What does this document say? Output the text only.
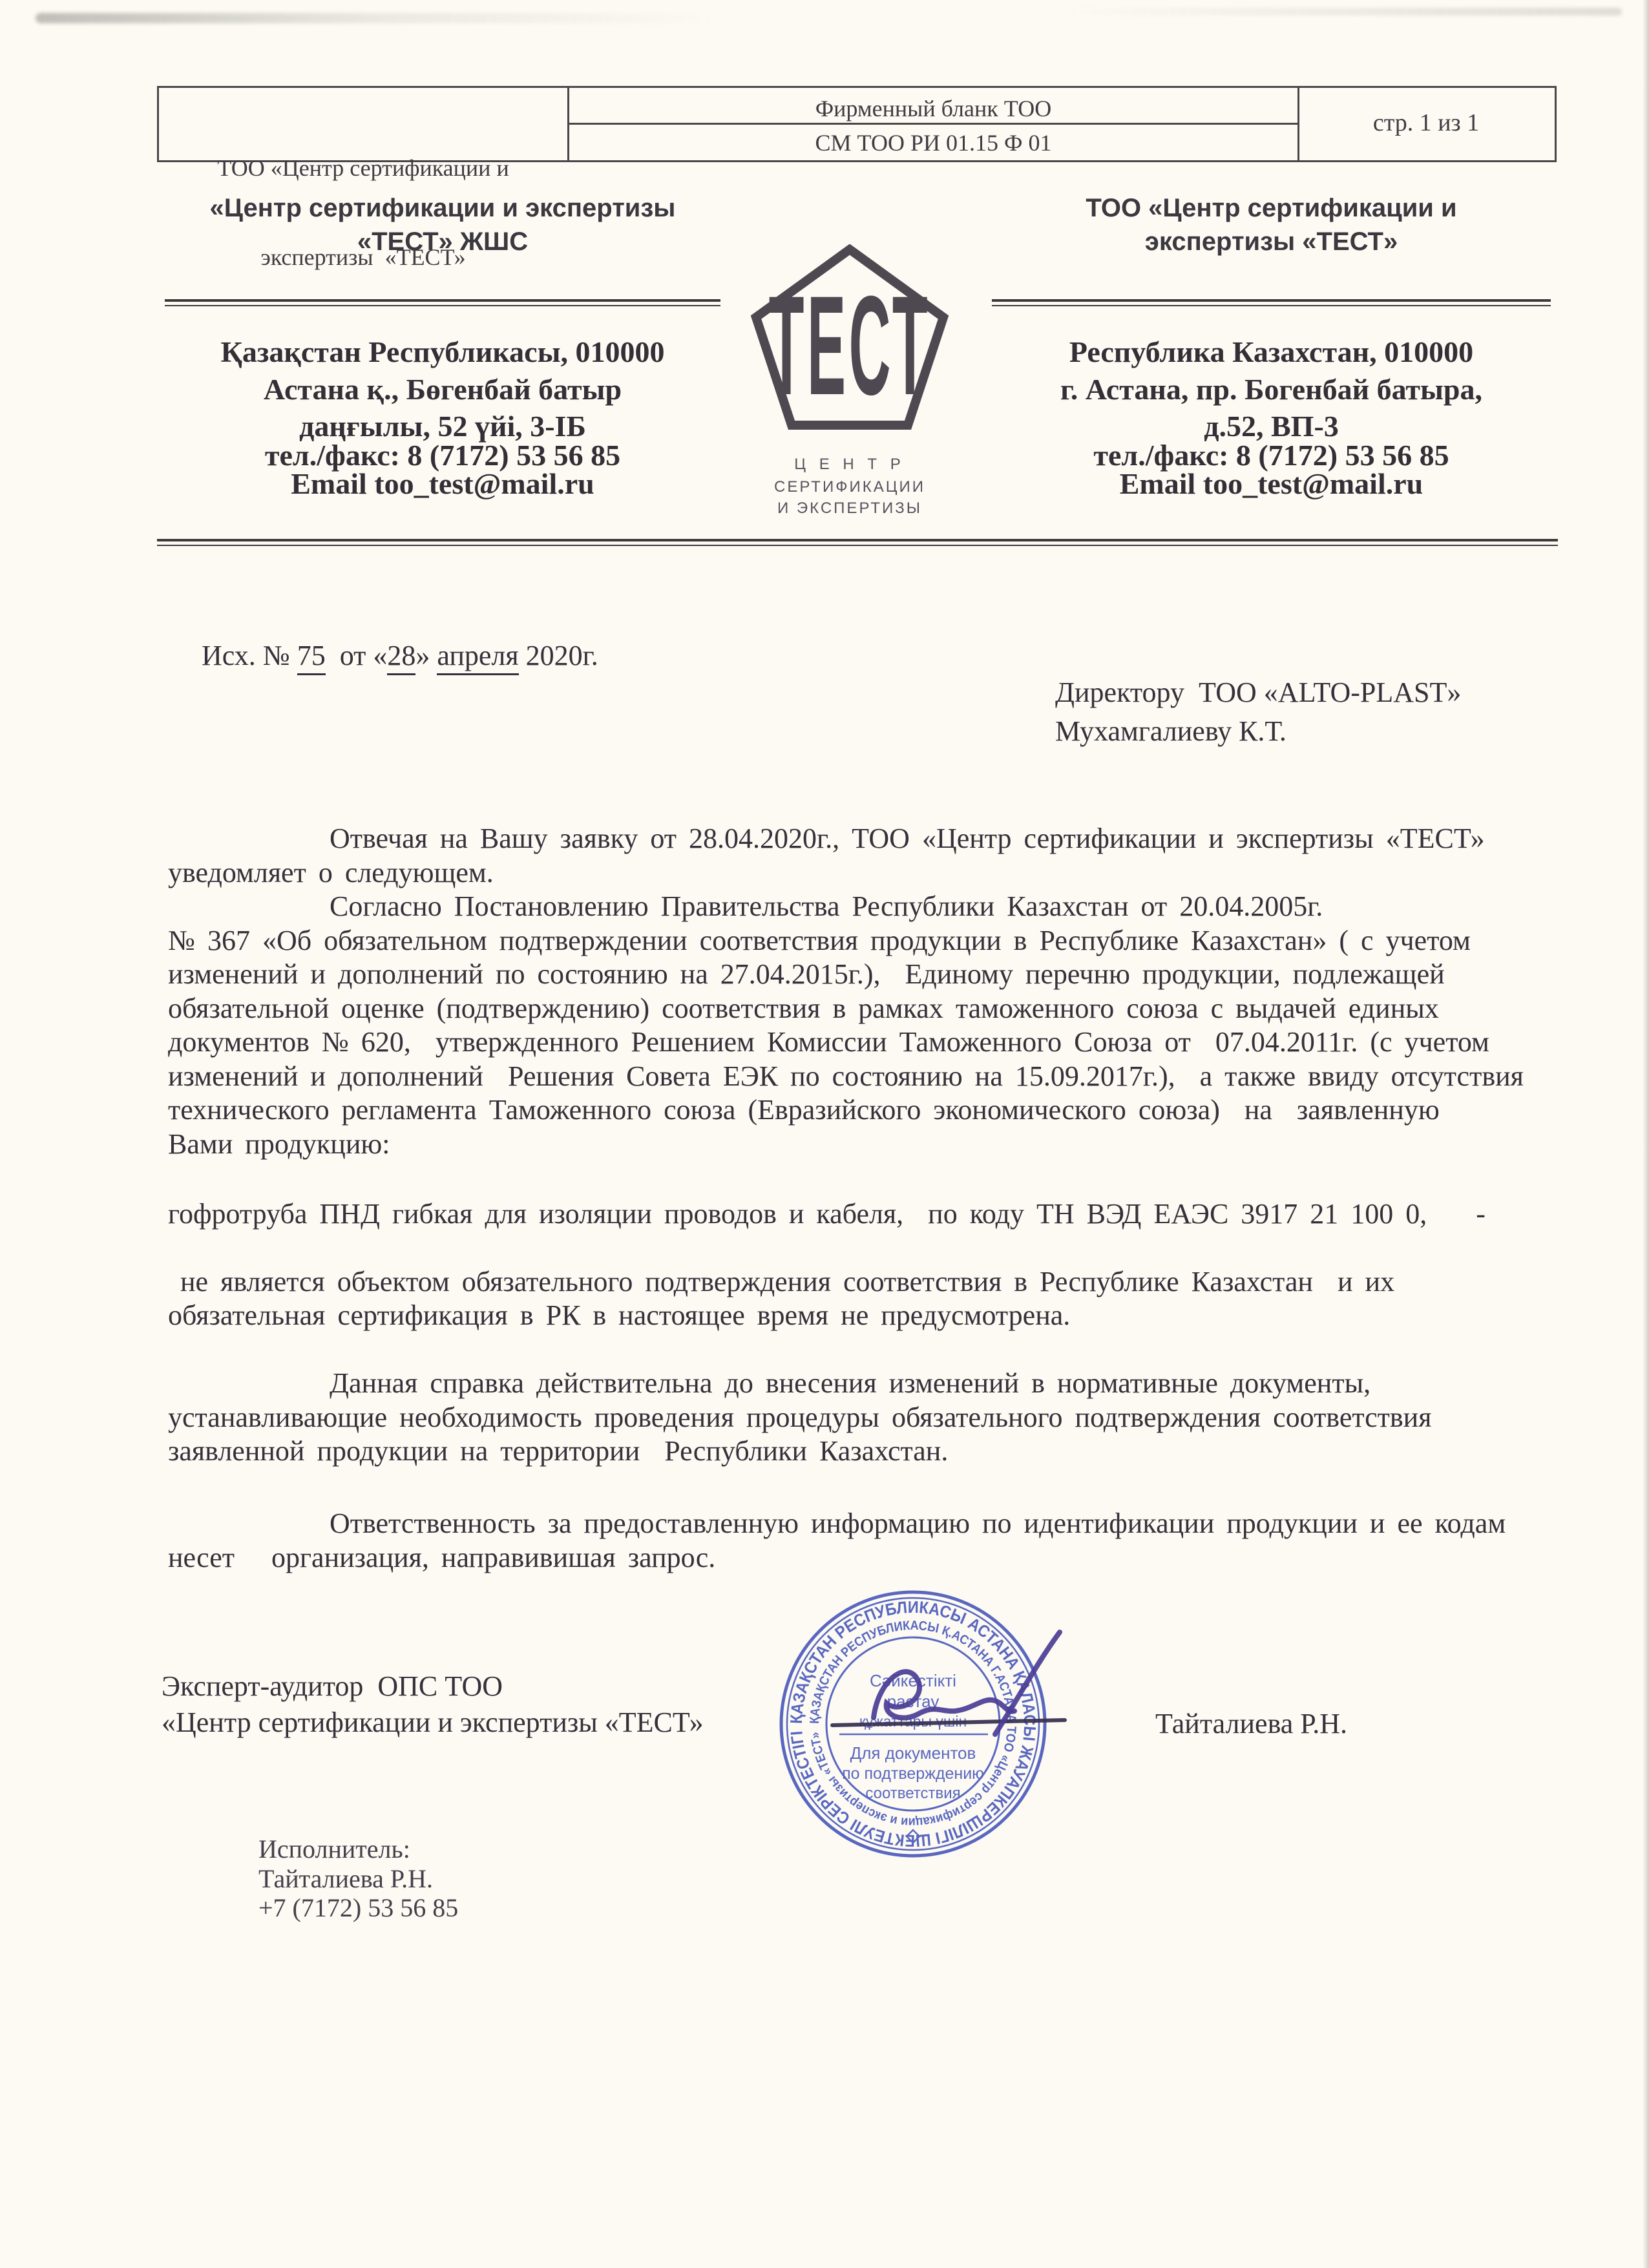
ТОО «Центр сертификации и

экспертизы  «ТЕСТ»

Фирменный бланк ТОО
СМ ТОО РИ 01.15 Ф 01
стр. 1 из 1
«Центр сертификации и экспертизы
«ТЕСТ» ЖШС
Қазақстан Республикасы, 010000
Астана қ., Бөгенбай батыр
даңғылы, 52 үйі, 3-ІБ
тел./факс: 8 (7172) 53 56 85
Email too_test@mail.ru
ТЕСТ
Ц Е Н Т Р
СЕРТИФИКАЦИИ
И ЭКСПЕРТИЗЫ
ТОО «Центр сертификации и
экспертизы «ТЕСТ»
Республика Казахстан, 010000
г. Астана, пр. Богенбай батыра,
д.52, ВП-3
тел./факс: 8 (7172) 53 56 85
Email too_test@mail.ru

Исх. № 75  от «28» апреля 2020г.

Директору  ТОО «ALTO-PLAST»
Мухамгалиеву К.Т.
Отвечая на Вашу заявку от 28.04.2020г., ТОО «Центр сертификации и экспертизы «ТЕСТ»
уведомляет о следующем.
Согласно Постановлению Правительства Республики Казахстан от 20.04.2005г.
№ 367 «Об обязательном подтверждении соответствия продукции в Республике Казахстан» ( с учетом
изменений и дополнений по состоянию на 27.04.2015г.),  Единому перечню продукции, подлежащей
обязательной оценке (подтверждению) соответствия в рамках таможенного союза с выдачей единых
документов № 620,  утвержденного Решением Комиссии Таможенного Союза от  07.04.2011г. (с учетом
изменений и дополнений  Решения Совета ЕЭК по состоянию на 15.09.2017г.),  а также ввиду отсутствия
технического регламента Таможенного союза (Евразийского экономического союза)  на  заявленную
Вами продукцию:
гофротруба ПНД гибкая для изоляции проводов и кабеля,  по коду ТН ВЭД ЕАЭС 3917 21 100 0,    -
не является объектом обязательного подтверждения соответствия в Республике Казахстан  и их
обязательная сертификация в РК в настоящее время не предусмотрена.
Данная справка действительна до внесения изменений в нормативные документы,
устанавливающие необходимость проведения процедуры обязательного подтверждения соответствия
заявленной продукции на территории  Республики Казахстан.
Ответственность за предоставленную информацию по идентификации продукции и ее кодам
несет   организация, направивишая запрос.
Эксперт-аудитор  ОПС ТОО
«Центр сертификации и экспертизы «ТЕСТ»	Тайталиева Р.Н.
ҚАЗАҚСТАН РЕСПУБЛИКАСЫ АСТАНА ҚАЛАСЫ ЖАУАПКЕРШІЛІГІ ШЕКТЕУЛІ СЕРІКТЕСТІГІ
ҚАЗАҚСТАН РЕСПУБЛИКАСЫ Қ.АСТАНА Г.АСТАНА ТОО «Центр сертификации и экспертизы «ТЕСТ»
Сәйкестікті
растау
құжаттары үшін
Для документов
по подтверждению
соответствия
Исполнитель:
Тайталиева Р.Н.
+7 (7172) 53 56 85
